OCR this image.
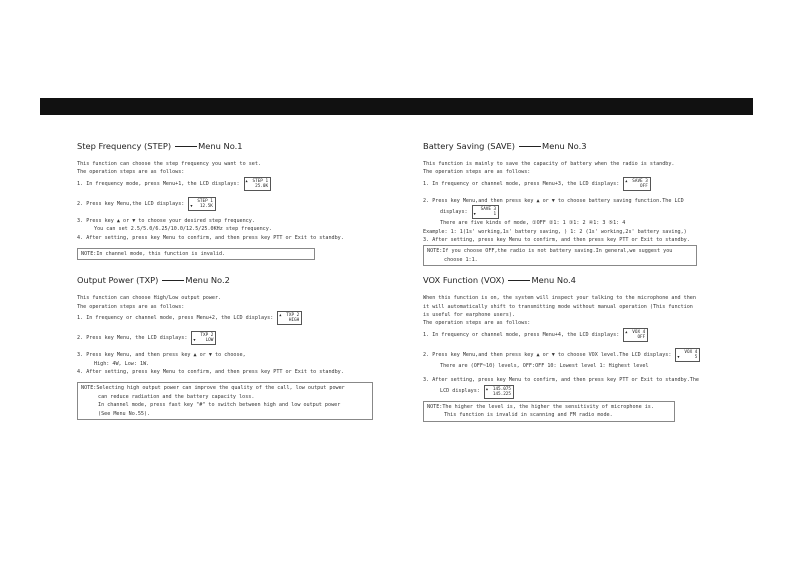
Step Frequency (STEP)	Menu No.1
This function can choose the step frequency you want to set.
The operation steps are as follows:
1. In frequency mode, press Menu+1, the LCD displays: ▲	STEP 1
25.0K
2. Press key Menu,the LCD displays: ▼
STEP 1
12.5K
3. Press key ▲ or ▼ to choose your desired step frequency.
You can set 2.5/5.0/6.25/10.0/12.5/25.0KHz step frequency.
4. After setting, press key Menu to confirm, and then press key PTT or Exit to standby.
NOTE:In channel mode, this function is invalid.
Output Power (TXP)	Menu No.2
This function can choose High/Low output power.
The operation steps are as follows:
1. In frequency or channel mode, press Menu+2, the LCD displays: ▲	TXP 2
HIGH
2. Press key Menu, the LCD displays: ▼
TXP 2
LOW
3. Press key Menu, and then press key ▲ or ▼ to choose,
High: 4W, Low: 1W.
4. After setting, press key Menu to confirm, and then press key PTT or Exit to standby.
NOTE:Selecting high output power can improve the quality of the call, low output power
can reduce radiation and the battery capacity loss.
In channel mode, press fast key "#" to switch between high and low output power
(See Menu No.55).
Battery Saving (SAVE)	Menu No.3
This function is mainly to save the capacity of battery when the radio is standby.
The operation steps are as follows:
1. In frequency or channel mode, press Menu+3, the LCD displays: ▲	SAVE 3
OFF
2. Press key Menu,and then press key ▲ or ▼ to choose battery saving function.The LCD
displays: ▼
SAVE 3
1
There are five kinds of mode, ①OFF ②1: 1 ③1: 2 ④1: 3 ⑤1: 4
Example: 1: 1(1s' working,1s' battery saving, ) 1: 2 (1s' working,2s' battery saving,)
3. After setting, press key Menu to confirm, and then press key PTT or Exit to standby.
NOTE:If you choose OFF,the radio is not battery saving.In general,we suggest you
choose 1:1.
VOX Function (VOX)	Menu No.4
When this function is on, the system will inspect your talking to the microphone and then
it will automatically shift to transmitting mode without manual operation (This function
is useful for earphone users).
The operation steps are as follows:
1. In frequency or channel mode, press Menu+4, the LCD displays: ▲	VOX 4
OFF
2. Press key Menu,and then press key ▲ or ▼ to choose VOX level.The LCD displays: ▼
VOX 4
5
There are (OFF~10) levels, OFF:OFF 10: Lowest level 1: Highest level
3. After setting, press key Menu to confirm, and then press key PTT or Exit to standby.The
LCD displays: ▲	145.075
145.225
NOTE:The higher the level is, the higher the sensitivity of microphone is.
This function is invalid in scanning and FM radio mode.
